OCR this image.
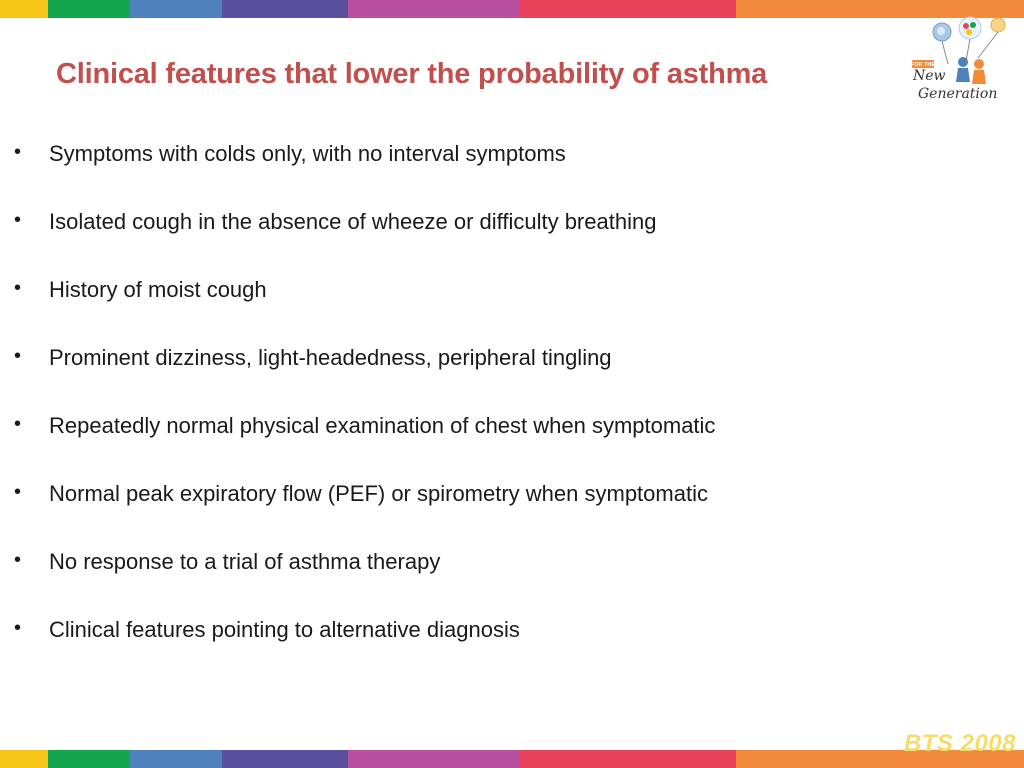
Clinical features that lower the probability of asthma	FOR THE
New
Generation
• Symptoms with colds only, with no interval symptoms
• Isolated cough in the absence of wheeze or difficulty breathing
• History of moist cough
• Prominent dizziness, light-headedness, peripheral tingling
• Repeatedly normal physical examination of chest when symptomatic
• Normal peak expiratory flow (PEF) or spirometry when symptomatic
• No response to a trial of asthma therapy
• Clinical features pointing to alternative diagnosis
BTS 2008
